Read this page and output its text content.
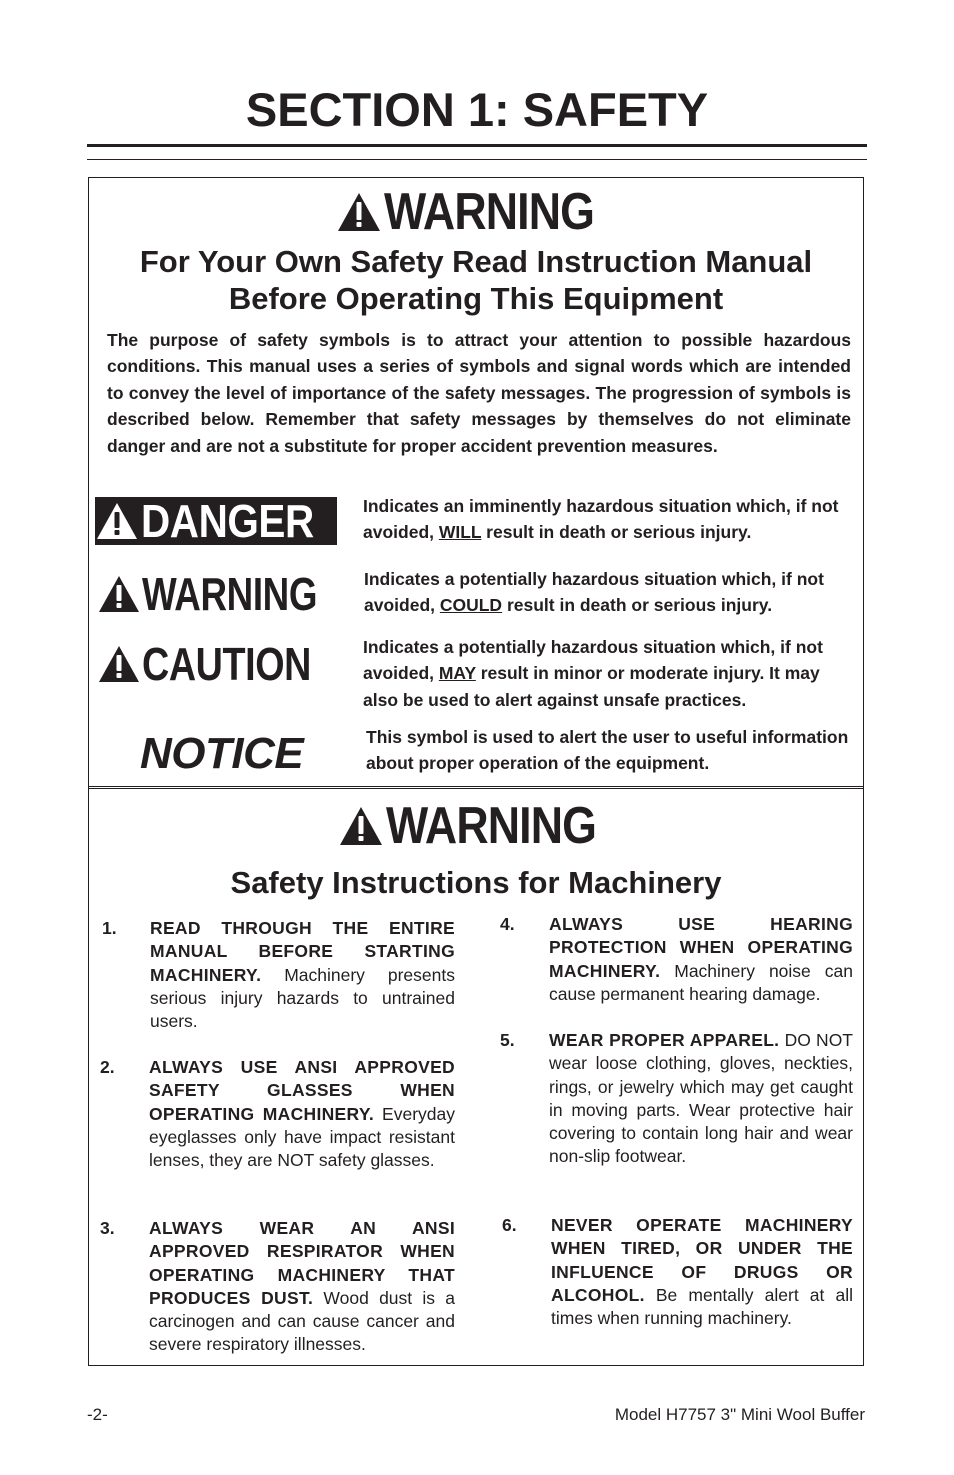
SECTION 1: SAFETY
WARNING

For Your Own Safety Read Instruction Manual
Before Operating This Equipment

The purpose of safety symbols is to attract your attention to possible hazardous conditions. This manual uses a series of symbols and signal words which are intended to convey the level of importance of the safety messages. The progression of symbols is described below. Remember that safety messages by themselves do not eliminate danger and are not a substitute for proper accident prevention measures.

DANGER	Indicates an imminently hazardous situation which, if not avoided, WILL result in death or serious injury.

WARNING	Indicates a potentially hazardous situation which, if not avoided, COULD result in death or serious injury.

CAUTION	Indicates a potentially hazardous situation which, if not avoided, MAY result in minor or moderate injury. It may also be used to alert against unsafe practices.

NOTICE	This symbol is used to alert the user to useful information about proper operation of the equipment.

WARNING

Safety Instructions for Machinery

1. READ THROUGH THE ENTIRE MANUAL BEFORE STARTING MACHINERY. Machinery presents serious injury hazards to untrained users.
2. ALWAYS USE ANSI APPROVED SAFETY GLASSES WHEN OPERATING MACHINERY. Everyday eyeglasses only have impact resistant lenses, they are NOT safety glasses.
3. ALWAYS WEAR AN ANSI APPROVED RESPIRATOR WHEN OPERATING MACHINERY THAT PRODUCES DUST. Wood dust is a carcinogen and can cause cancer and severe respiratory illnesses.
4. ALWAYS USE HEARING PROTECTION WHEN OPERATING MACHINERY. Machinery noise can cause permanent hearing damage.
5. WEAR PROPER APPAREL. DO NOT wear loose clothing, gloves, neckties, rings, or jewelry which may get caught in moving parts. Wear protective hair covering to contain long hair and wear non-slip footwear.
6. NEVER OPERATE MACHINERY WHEN TIRED, OR UNDER THE INFLUENCE OF DRUGS OR ALCOHOL. Be mentally alert at all times when running machinery.
-2-	Model H7757 3" Mini Wool Buffer
